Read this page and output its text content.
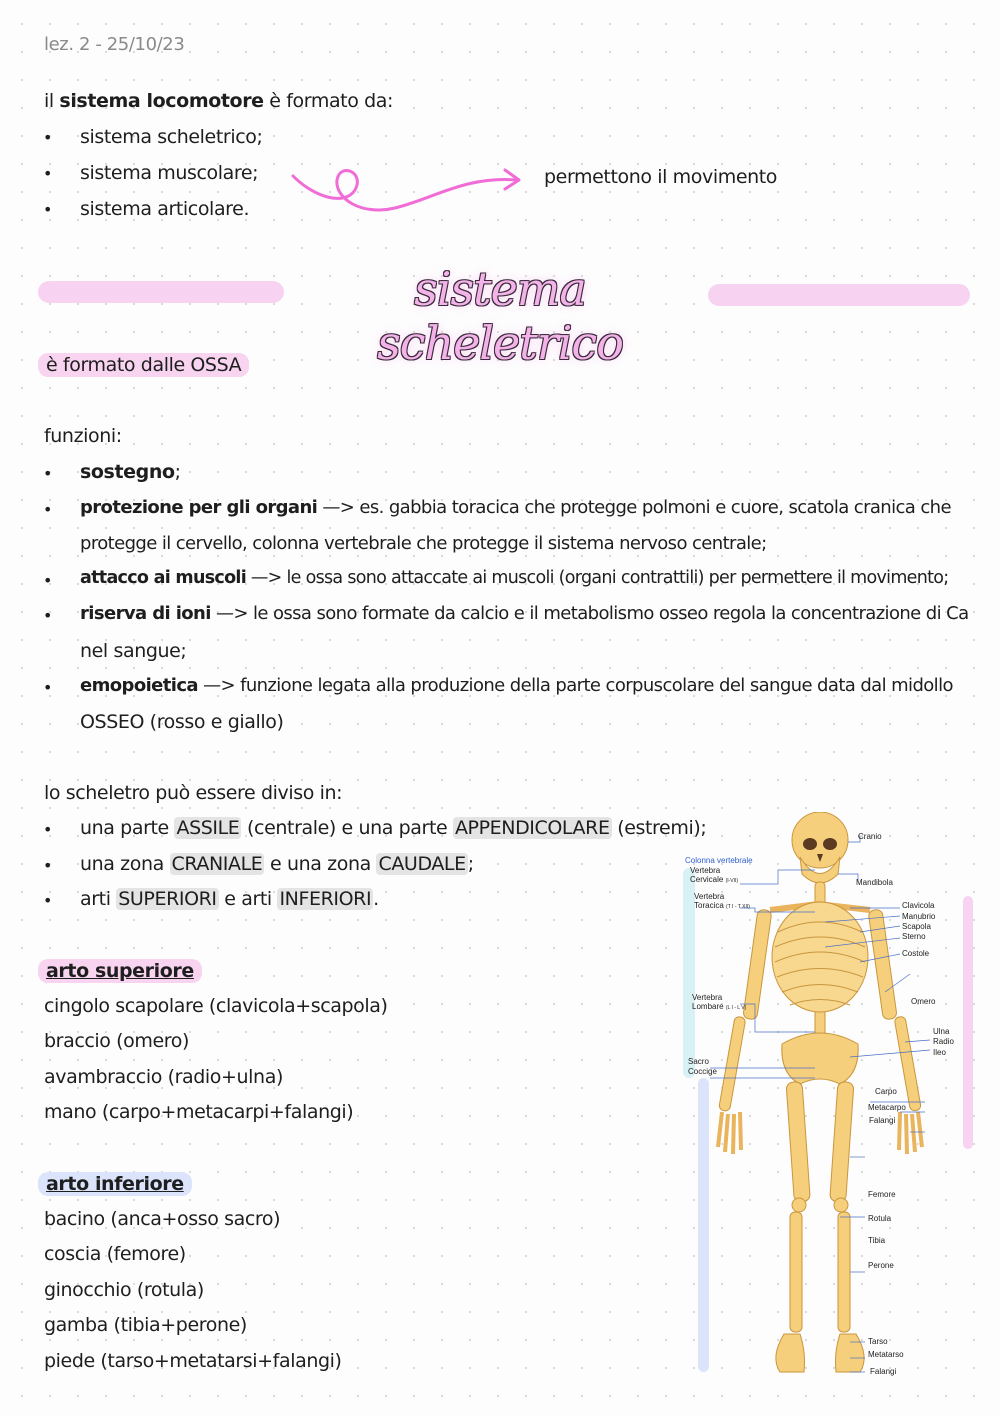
lez. 2 - 25/10/23
il sistema locomotore è formato da:
• sistema scheletrico;
• sistema muscolare;
• sistema articolare.
permettono il movimento
sistema scheletrico
è formato dalle OSSA
funzioni:
• sostegno;
• protezione per gli organi —> es. gabbia toracica che protegge polmoni e cuore, scatola cranica che
protegge il cervello, colonna vertebrale che protegge il sistema nervoso centrale;
• attacco ai muscoli —> le ossa sono attaccate ai muscoli (organi contrattili) per permettere il movimento;
• riserva di ioni —> le ossa sono formate da calcio e il metabolismo osseo regola la concentrazione di Ca
nel sangue;
• emopoietica —> funzione legata alla produzione della parte corpuscolare del sangue data dal midollo
OSSEO (rosso e giallo)
lo scheletro può essere diviso in:
• una parte ASSILE (centrale) e una parte APPENDICOLARE (estremi);
• una zona CRANIALE e una zona CAUDALE ;
• arti SUPERIORI e arti INFERIORI .
arto superiore
cingolo scapolare (clavicola+scapola)
braccio (omero)
avambraccio (radio+ulna)
mano (carpo+metacarpi+falangi)
arto inferiore
bacino (anca+osso sacro)
coscia (femore)
ginocchio (rotula)
gamba (tibia+perone)
piede (tarso+metatarsi+falangi)
Colonna vertebrale
Vertebra
Cervicale (I-VII)
Vertebra
Toracica (T I - T XII)
Vertebra
Lombare (L I - L V)
Sacro
Coccige
Cranio
Mandibola
Clavicola
Manubrio
Scapola
Sterno
Costole
Omero
Ulna
Radio
Ileo
Carpo
Metacarpo
Falangi
Femore
Rotula
Tibia
Perone
Tarso
Metatarso
Falangi
